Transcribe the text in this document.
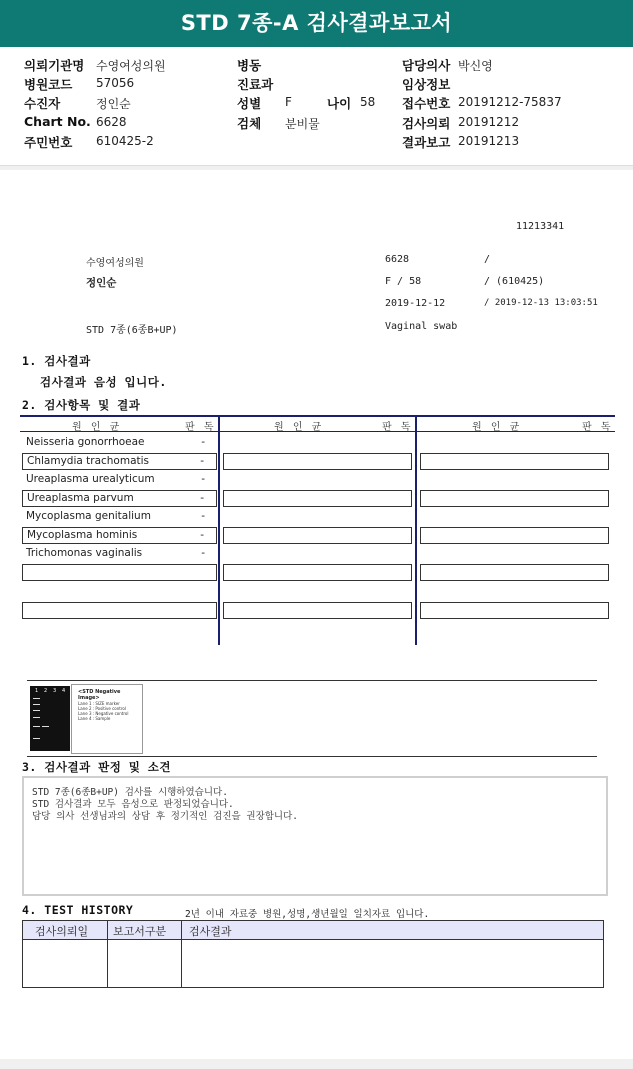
STD 7종-A 검사결과보고서
의뢰기관명 수영여성의원
병원코드 57056
수진자	정인순
Chart No. 6628
주민번호 610425-2
병동
진료과
성별 F	나이 58
검체 분비물
담당의사 박신영
임상정보
접수번호 20191212-75837
검사의뢰 20191212
결과보고 20191213
11213341
수영여성의원	6628	/
정인순	F / 58	/ (610425)
2019-12-12	/ 2019-12-13 13:03:51
STD 7종(6종B+UP)	Vaginal swab
1. 검사결과
검사결과 음성 입니다.
2. 검사항목 및 결과
원 인 균	판 독	원 인 균	판 독	원 인 균	판 독
Neisseria gonorrhoeae	-
Chlamydia trachomatis	-
Ureaplasma urealyticum	-
Ureaplasma parvum	-
Mycoplasma genitalium	-
Mycoplasma hominis	-
Trichomonas vaginalis	-
1 2 3 4	<STD Negative Image>
Lane 1 : SIZE marker
Lane 2 : Positive control
Lane 3 : Negative control
Lane 4 : Sample
3. 검사결과 판정 및 소견
STD 7종(6종B+UP) 검사를 시행하였습니다.
STD 검사결과 모두 음성으로 판정되었습니다.
담당 의사 선생님과의 상담 후 정기적인 검진을 권장합니다.
4. TEST HISTORY	2년 이내 자료중 병원,성명,생년월일 일치자료 입니다.
검사의뢰일 보고서구분 검사결과
